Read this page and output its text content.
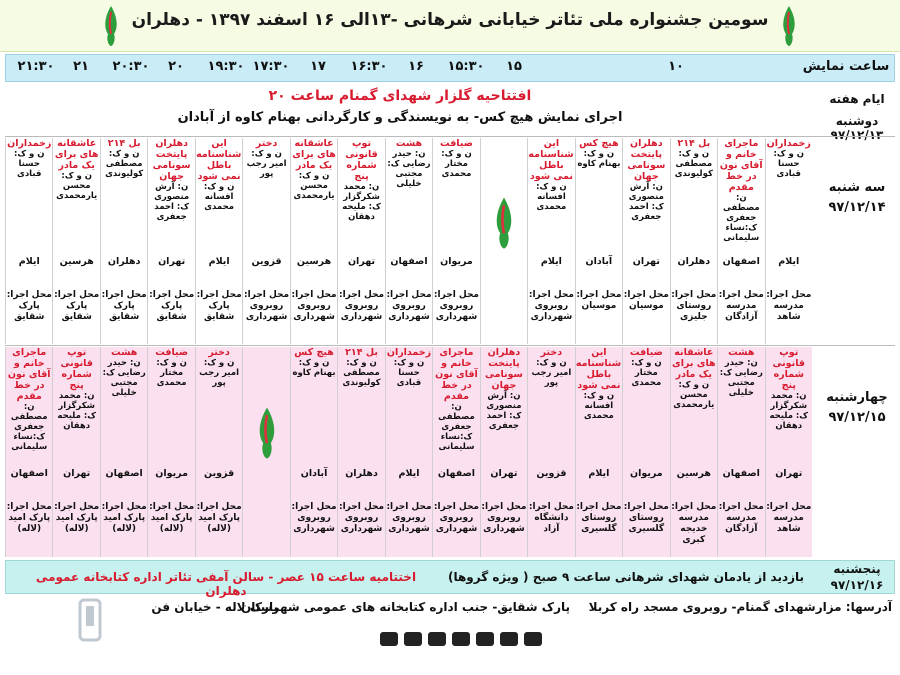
سومین جشنواره ملی تئاتر خیابانی شرهانی -۱۳الی ۱۶ اسفند ۱۳۹۷ - دهلران
ساعت نمایش
۱۰
۱۵
۱۵:۳۰
۱۶
۱۶:۳۰
۱۷
۱۷:۳۰
۱۹:۳۰
۲۰
۲۰:۳۰
۲۱
۲۱:۳۰
ایام هفته
دوشنبه ۹۷/۱۲/۱۳
افتتاحیه گلزار شهدای گمنام ساعت ۲۰
اجرای نمایش هیچ کس- به نویسندگی و کارگردانی بهنام کاوه از آبادان
سه شنبه
۹۷/۱۲/۱۴
زخمداران
ن و ک: حسنا قبادی
ایلام
محل اجرا: مدرسه شاهد
ماجرای خانم و آقای نون در خط مقدم
ن: مصطفی جعفری ک:نساء سلیمانی
اصفهان
محل اجرا: مدرسه آزادگان
بل ۲۱۴
ن و ک: مصطفی کولیوندی
دهلران
محل اجرا: روستای جلیزی
دهلران پایتخت سونامی جهان
ن: آرش منصوری ک: احمد جعفری
تهران
محل اجرا: موسیان
هیچ کس
ن و ک: بهنام کاوه
آبادان
محل اجرا: موسیان
این شناسنامه باطل نمی شود
ن و ک: افسانه محمدی
ایلام
محل اجرا: روبروی شهرداری
ضیافت
ن و ک: مختار محمدی
مریوان
محل اجرا: روبروی شهرداری
هشت
ن: حیدر رضایی ک: مجتبی خلیلی
اصفهان
محل اجرا: روبروی شهرداری
توپ قانونی شماره پنج
ن: محمد شکرگزار ک: ملیحه دهقان
تهران
محل اجرا: روبروی شهرداری
عاشقانه های برای یک مادر
ن و ک: محسن یارمحمدی
هرسین
محل اجرا: روبروی شهرداری
دختر
ن و ک: امیر رجب پور
قزوین
محل اجرا: روبروی شهرداری
این شناسنامه باطل نمی شود
ن و ک: افسانه محمدی
ایلام
محل اجرا: پارک شقایق
دهلران پایتخت سونامی جهان
ن: آرش منصوری ک: احمد جعفری
تهران
محل اجرا: پارک شقایق
بل ۲۱۴
ن و ک: مصطفی کولیوندی
دهلران
محل اجرا: پارک شقایق
عاشقانه های برای یک مادر
ن و ک: محسن یارمحمدی
هرسین
محل اجرا: پارک شقایق
زخمداران
ن و ک: حسنا قبادی
ایلام
محل اجرا: پارک شقایق
چهارشنبه
۹۷/۱۲/۱۵
توپ قانونی شماره پنج
ن: محمد شکرگزار ک: ملیحه دهقان
تهران
محل اجرا: مدرسه شاهد
هشت
ن: حیدر رضایی ک: مجتبی خلیلی
اصفهان
محل اجرا: مدرسه آزادگان
عاشقانه های برای یک مادر
ن و ک: محسن یارمحمدی
هرسین
محل اجرا: مدرسه خدیجه کبری
ضیافت
ن و ک: مختار محمدی
مریوان
محل اجرا: روستای گلسیری
این شناسنامه باطل نمی شود
ن و ک: افسانه محمدی
ایلام
محل اجرا: روستای گلسیری
دختر
ن و ک: امیر رجب پور
قزوین
محل اجرا: دانشگاه آزاد
دهلران پایتخت سونامی جهان
ن: آرش منصوری ک: احمد جعفری
تهران
محل اجرا: روبروی شهرداری
ماجرای خانم و آقای نون در خط مقدم
ن: مصطفی جعفری ک:نساء سلیمانی
اصفهان
محل اجرا: روبروی شهرداری
زخمداران
ن و ک: حسنا قبادی
ایلام
محل اجرا: روبروی شهرداری
بل ۲۱۴
ن و ک: مصطفی کولیوندی
دهلران
محل اجرا: روبروی شهرداری
هیچ کس
ن و ک: بهنام کاوه
آبادان
محل اجرا: روبروی شهرداری
دختر
ن و ک: امیر رجب پور
قزوین
محل اجرا: پارک امید (لاله)
ضیافت
ن و ک: مختار محمدی
مریوان
محل اجرا: پارک امید (لاله)
هشت
ن: حیدر رضایی ک: مجتبی خلیلی
اصفهان
محل اجرا: پارک امید (لاله)
توپ قانونی شماره پنج
ن: محمد شکرگزار ک: ملیحه دهقان
تهران
محل اجرا: پارک امید (لاله)
ماجرای خانم و آقای نون در خط مقدم
ن: مصطفی جعفری ک:نساء سلیمانی
اصفهان
محل اجرا: پارک امید (لاله)
اختتامیه ساعت ۱۵ عصر - سالن آمفی تئاتر اداره کتابخانه عمومی دهلران
بازدید از یادمان شهدای شرهانی ساعت ۹ صبح ( ویژه گروها)
پنجشنبه
۹۷/۱۲/۱۶
آدرسها: مزارشهدای گمنام- روبروی مسجد راه کربلا
پارک شقایق- جنب اداره کتابخانه های عمومی شهرستان
پارک لاله - خیابان فن
